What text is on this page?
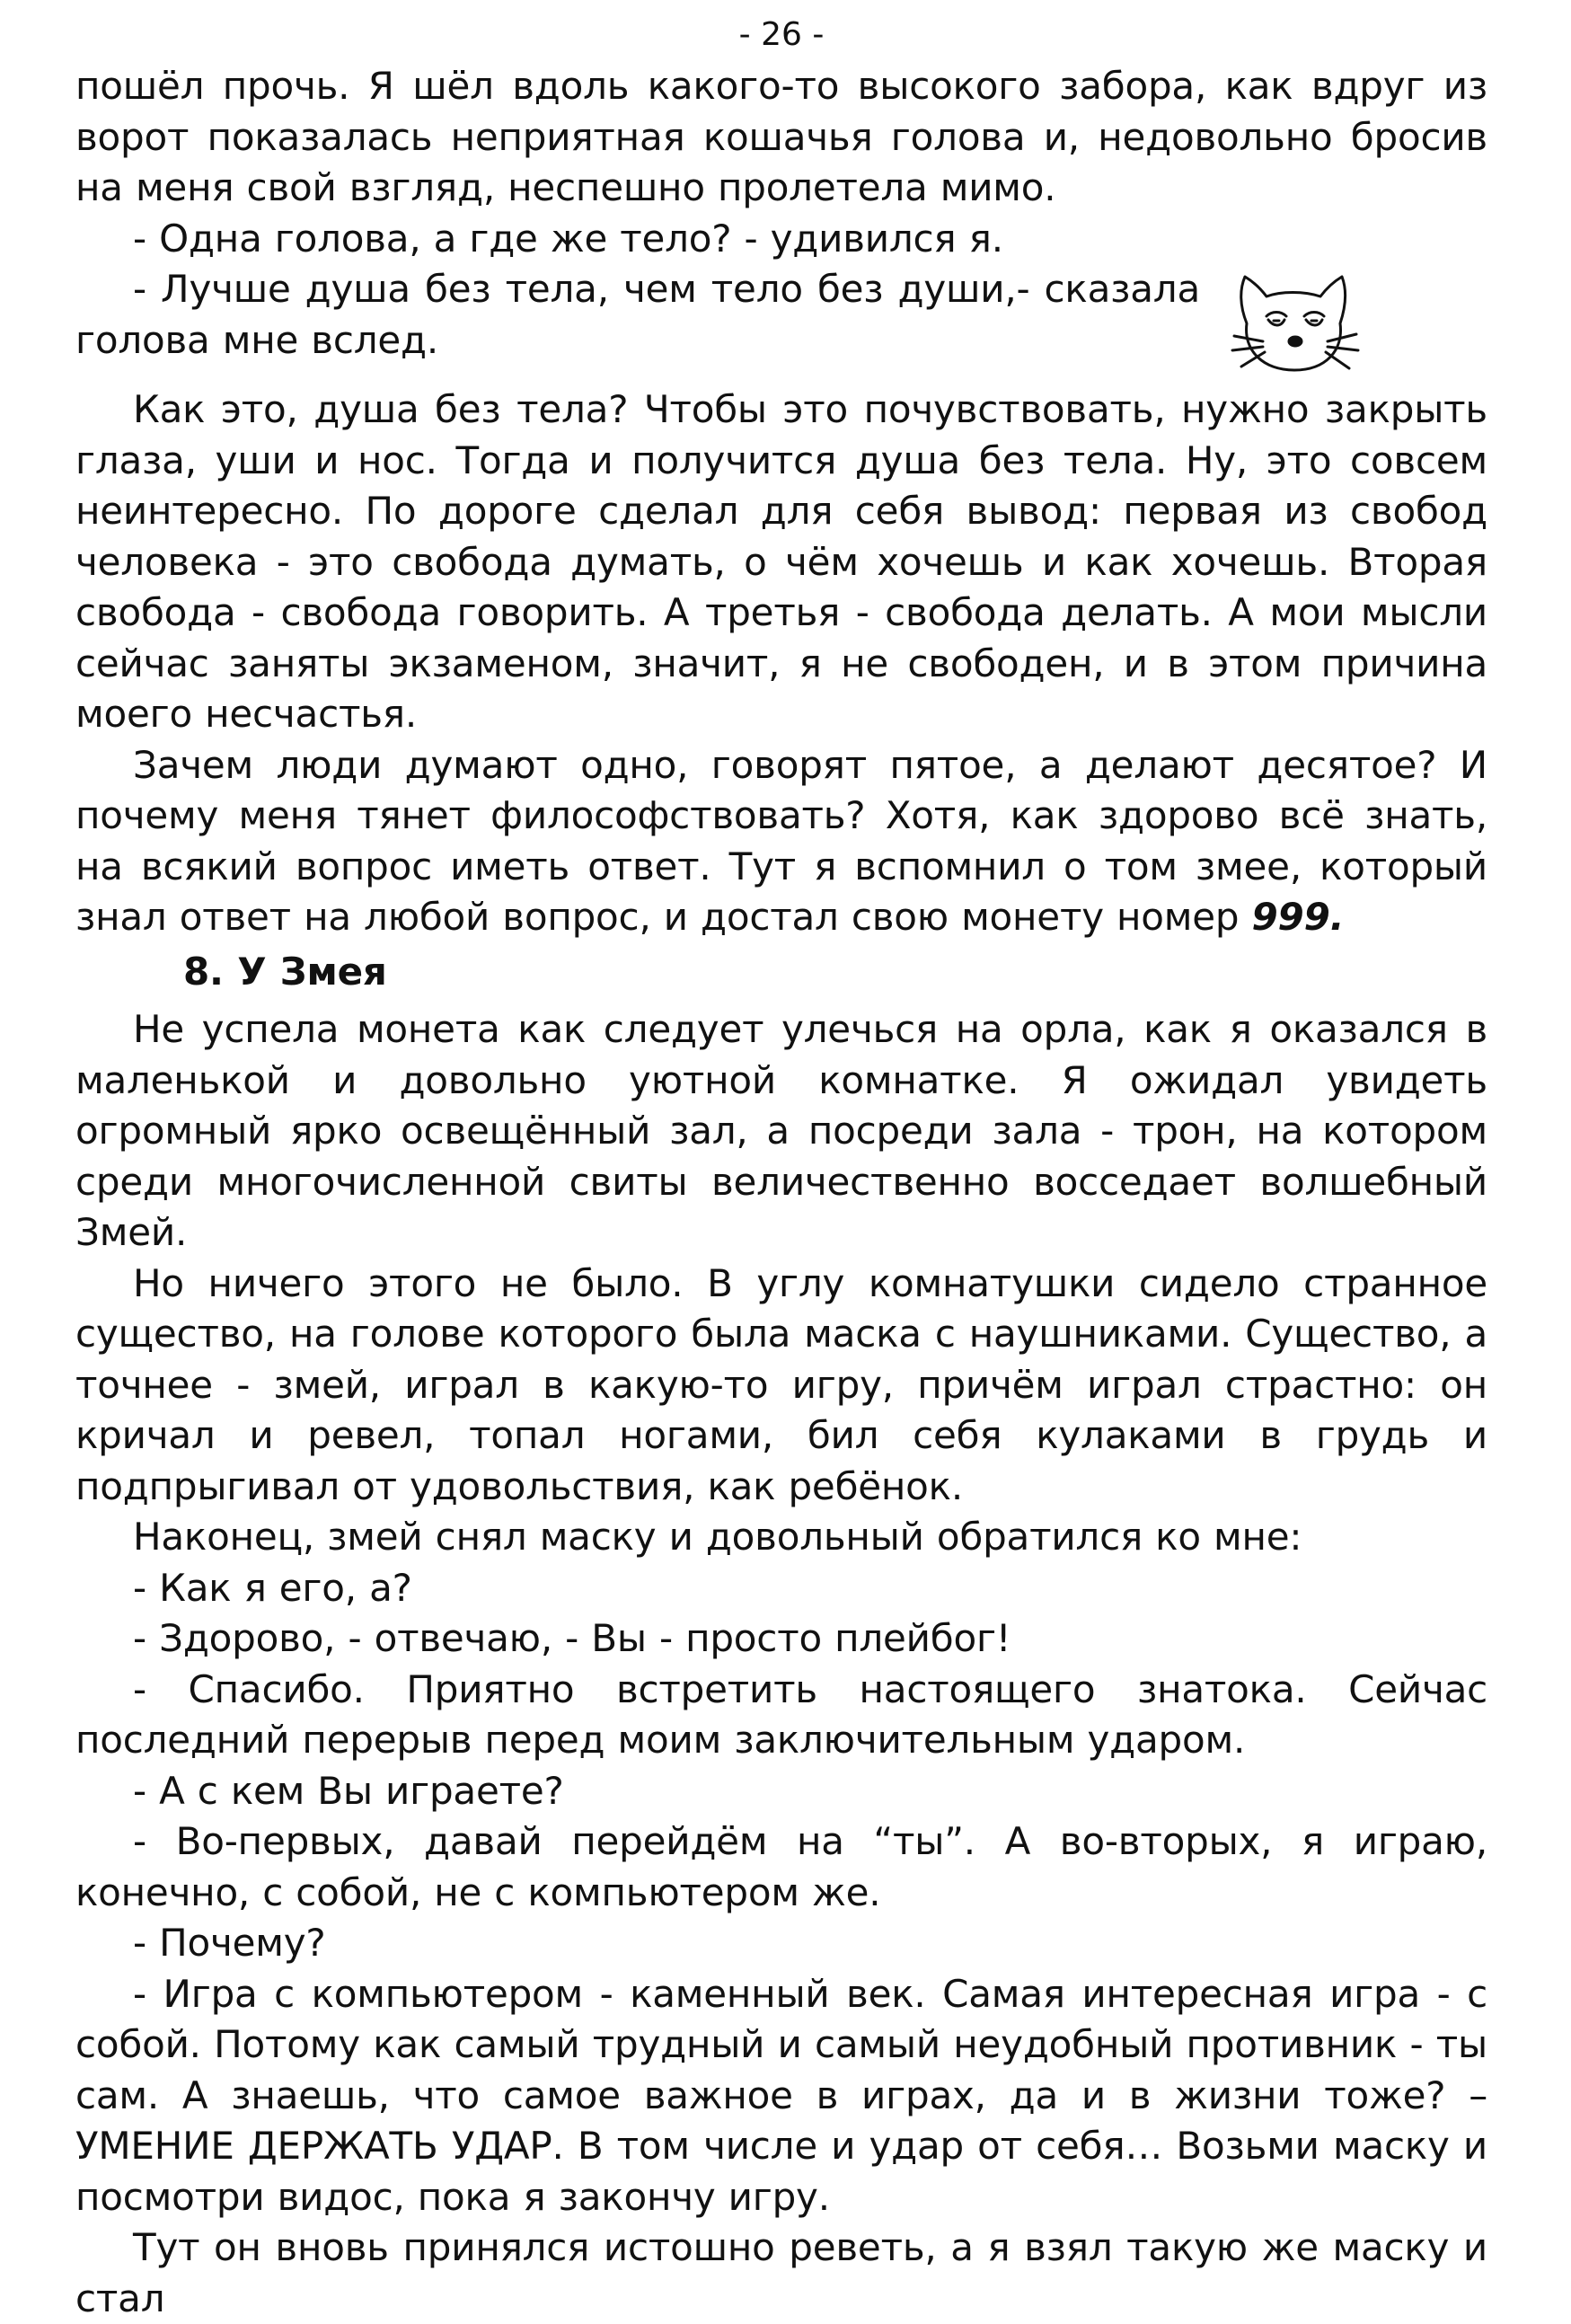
- 26 -

пошёл прочь. Я шёл вдоль какого-то высокого забора, как вдруг из ворот показалась неприятная кошачья голова и, недовольно бросив на меня свой взгляд, неспешно пролетела мимо.

- Одна голова, а где же тело? - удивился я.

- Лучше душа без тела, чем тело без души,- сказала голова мне вслед.

Как это, душа без тела? Чтобы это почувствовать, нужно закрыть глаза, уши и нос. Тогда и получится душа без тела. Ну, это совсем неинтересно. По дороге сделал для себя вывод: первая из свобод человека - это свобода думать, о чём хочешь и как хочешь. Вторая свобода - свобода говорить. А третья - свобода делать. А мои мысли сейчас заняты экзаменом, значит, я не свободен, и в этом причина моего несчастья.

Зачем люди думают одно, говорят пятое, а делают десятое? И почему меня тянет философствовать? Хотя, как здорово всё знать, на всякий вопрос иметь ответ. Тут я вспомнил о том змее, который знал ответ на любой вопрос, и достал свою монету номер 999.

8. У Змея

Не успела монета как следует улечься на орла, как я оказался в маленькой и довольно уютной комнатке. Я ожидал увидеть огромный ярко освещённый зал, а посреди зала - трон, на котором среди многочисленной свиты величественно восседает волшебный Змей.

Но ничего этого не было. В углу комнатушки сидело странное существо, на голове которого была маска с наушниками. Существо, а точнее - змей, играл в какую-то игру, причём играл страстно: он кричал и ревел, топал ногами, бил себя кулаками в грудь и подпрыгивал от удовольствия, как ребёнок.

Наконец, змей снял маску и довольный обратился ко мне:

- Как я его, а?

- Здорово, - отвечаю, - Вы - просто плейбог!

- Спасибо. Приятно встретить настоящего знатока. Сейчас последний перерыв перед моим заключительным ударом.

- А с кем Вы играете?

- Во-первых, давай перейдём на “ты”. А во-вторых, я играю, конечно, с собой, не с компьютером же.

- Почему?

- Игра с компьютером - каменный век. Самая интересная игра - с собой. Потому как самый трудный и самый неудобный противник - ты сам. А знаешь, что самое важное в играх, да и в жизни тоже? – УМЕНИЕ ДЕРЖАТЬ УДАР. В том числе и удар от себя… Возьми маску и посмотри видос, пока я закончу игру.

Тут он вновь принялся истошно реветь, а я взял такую же маску и стал
